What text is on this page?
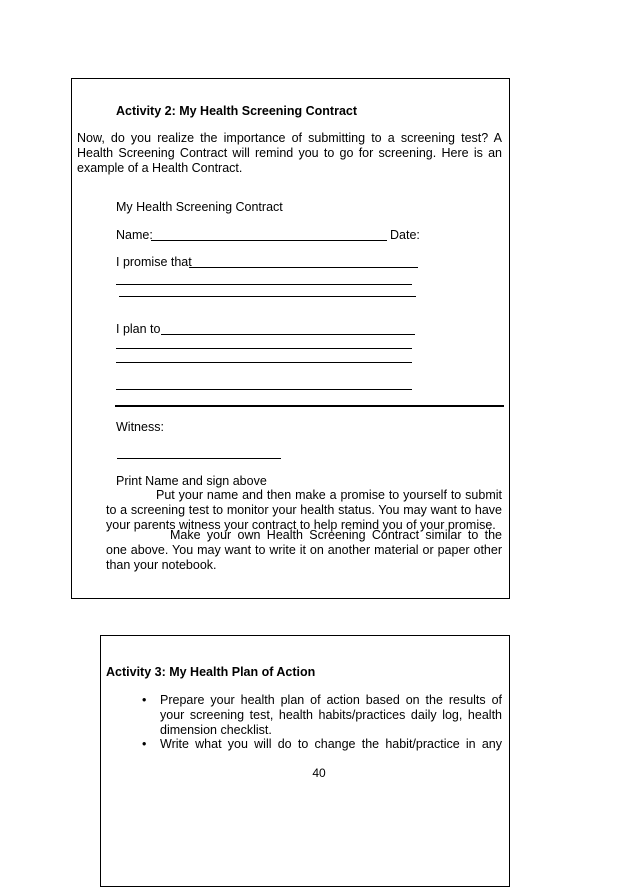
Activity 2: My Health Screening Contract
Now, do you realize the importance of submitting to a screening test? A Health Screening Contract will remind you to go for screening. Here is an example of a Health Contract.
My Health Screening Contract
Name:	Date:
I promise that
I plan to
Witness:
Print Name and sign above
Put your name and then make a promise to yourself to submit to a screening test to monitor your health status. You may want to have your parents witness your contract to help remind you of your promise.
Make your own Health Screening Contract similar to the one above. You may want to write it on another material or paper other than your notebook.
Activity 3: My Health Plan of Action
• Prepare your health plan of action based on the results of your screening test, health habits/practices daily log, health dimension checklist.
• Write what you will do to change the habit/practice in any
40
